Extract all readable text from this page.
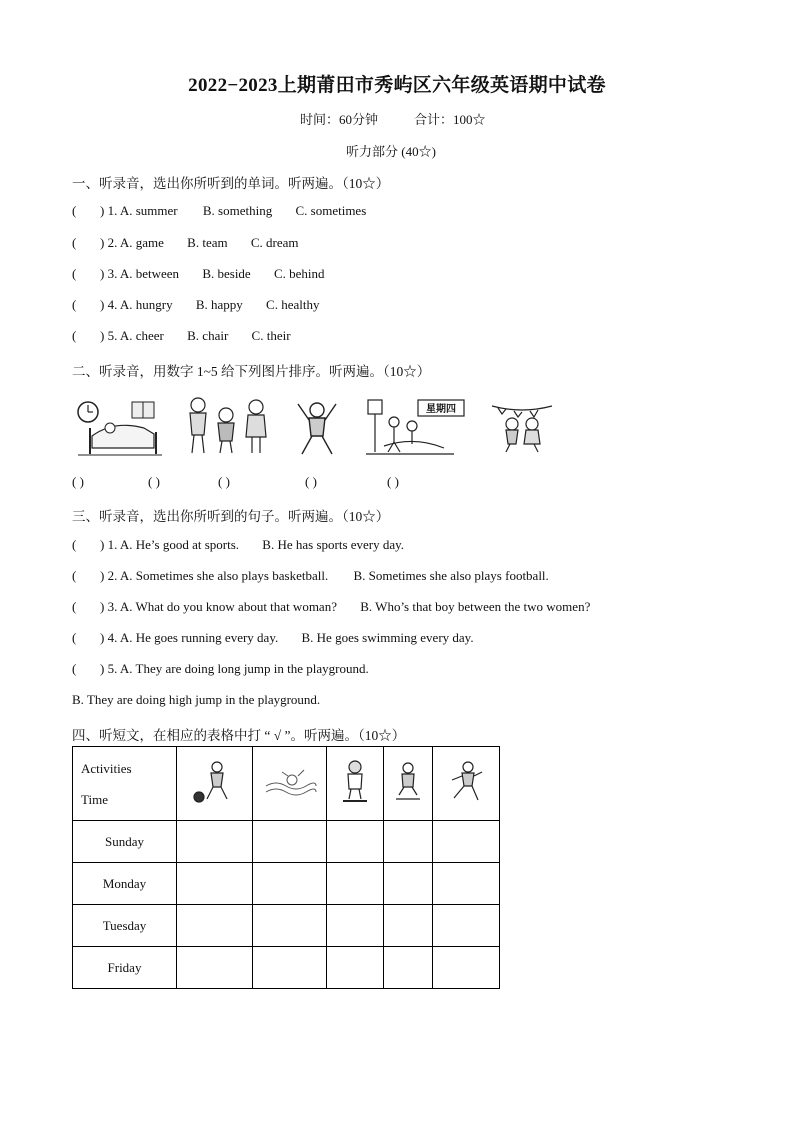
2022−2023上期莆田市秀屿区六年级英语期中试卷
时间：60分钟	合计：100☆
听力部分 (40☆)
一、听录音，选出你所听到的单词。听两遍。（10☆）
( ) 1. A. summer B. something C. sometimes
( ) 2. A. game B. team C. dream
( ) 3. A. between B. beside C. behind
( ) 4. A. hungry B. happy C. healthy
( ) 5. A. cheer B. chair C. their
二、听录音，用数字 1~5 给下列图片排序。听两遍。（10☆）
星期四
( )	( )	( )	( )	( )
三、听录音，选出你所听到的句子。听两遍。（10☆）
( ) 1. A. He’s good at sports. B. He has sports every day.
( ) 2. A. Sometimes she also plays basketball. B. Sometimes she also plays football.
( ) 3. A. What do you know about that woman? B. Who’s that boy between the two women?
( ) 4. A. He goes running every day. B. He goes swimming every day.
( ) 5. A. They are doing long jump in the playground.
B. They are doing high jump in the playground.
四、听短文，在相应的表格中打 “ √ ”。听两遍。（10☆）
Activities
Time

Sunday					
Monday					
Tuesday					
Friday					
